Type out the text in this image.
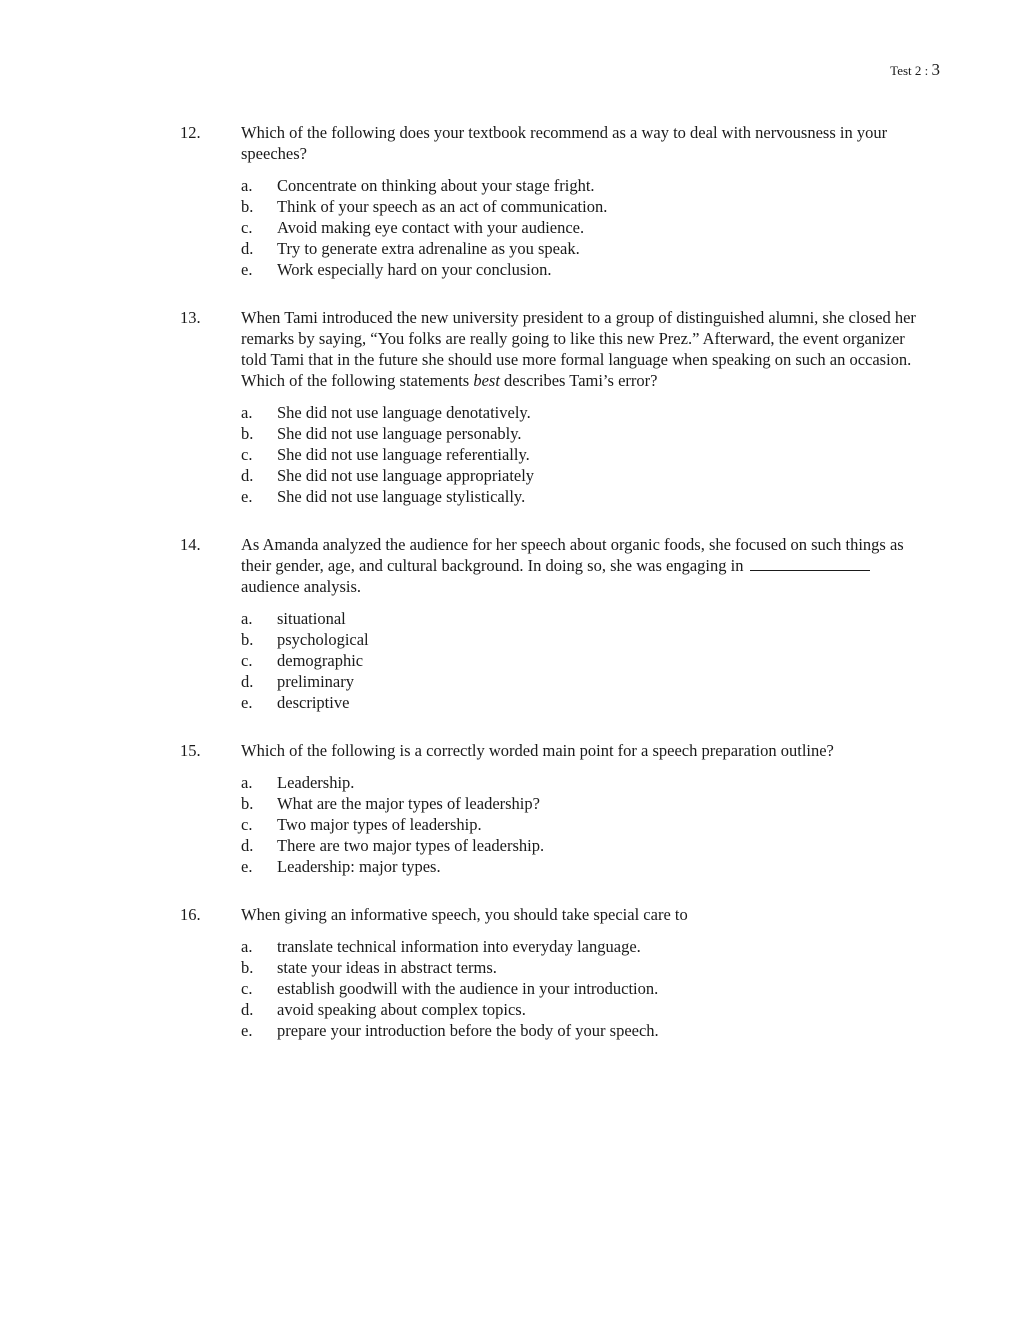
Test 2 : 3
12.	Which of the following does your textbook recommend as a way to deal with nervousness in your speeches?
a.	Concentrate on thinking about your stage fright.
b.	Think of your speech as an act of communication.
c.	Avoid making eye contact with your audience.
d.	Try to generate extra adrenaline as you speak.
e.	Work especially hard on your conclusion.
13.	When Tami introduced the new university president to a group of distinguished alumni, she closed her remarks by saying, “You folks are really going to like this new Prez.” Afterward, the event organizer told Tami that in the future she should use more formal language when speaking on such an occasion. Which of the following statements best describes Tami’s error?
a.	She did not use language denotatively.
b.	She did not use language personably.
c.	She did not use language referentially.
d.	She did not use language appropriately
e.	She did not use language stylistically.
14.	As Amanda analyzed the audience for her speech about organic foods, she focused on such things as their gender, age, and cultural background. In doing so, she was engaging in  audience analysis.
a.	situational
b.	psychological
c.	demographic
d.	preliminary
e.	descriptive
15.	Which of the following is a correctly worded main point for a speech preparation outline?
a.	Leadership.
b.	What are the major types of leadership?
c.	Two major types of leadership.
d.	There are two major types of leadership.
e.	Leadership: major types.
16.	When giving an informative speech, you should take special care to
a.	translate technical information into everyday language.
b.	state your ideas in abstract terms.
c.	establish goodwill with the audience in your introduction.
d.	avoid speaking about complex topics.
e.	prepare your introduction before the body of your speech.
